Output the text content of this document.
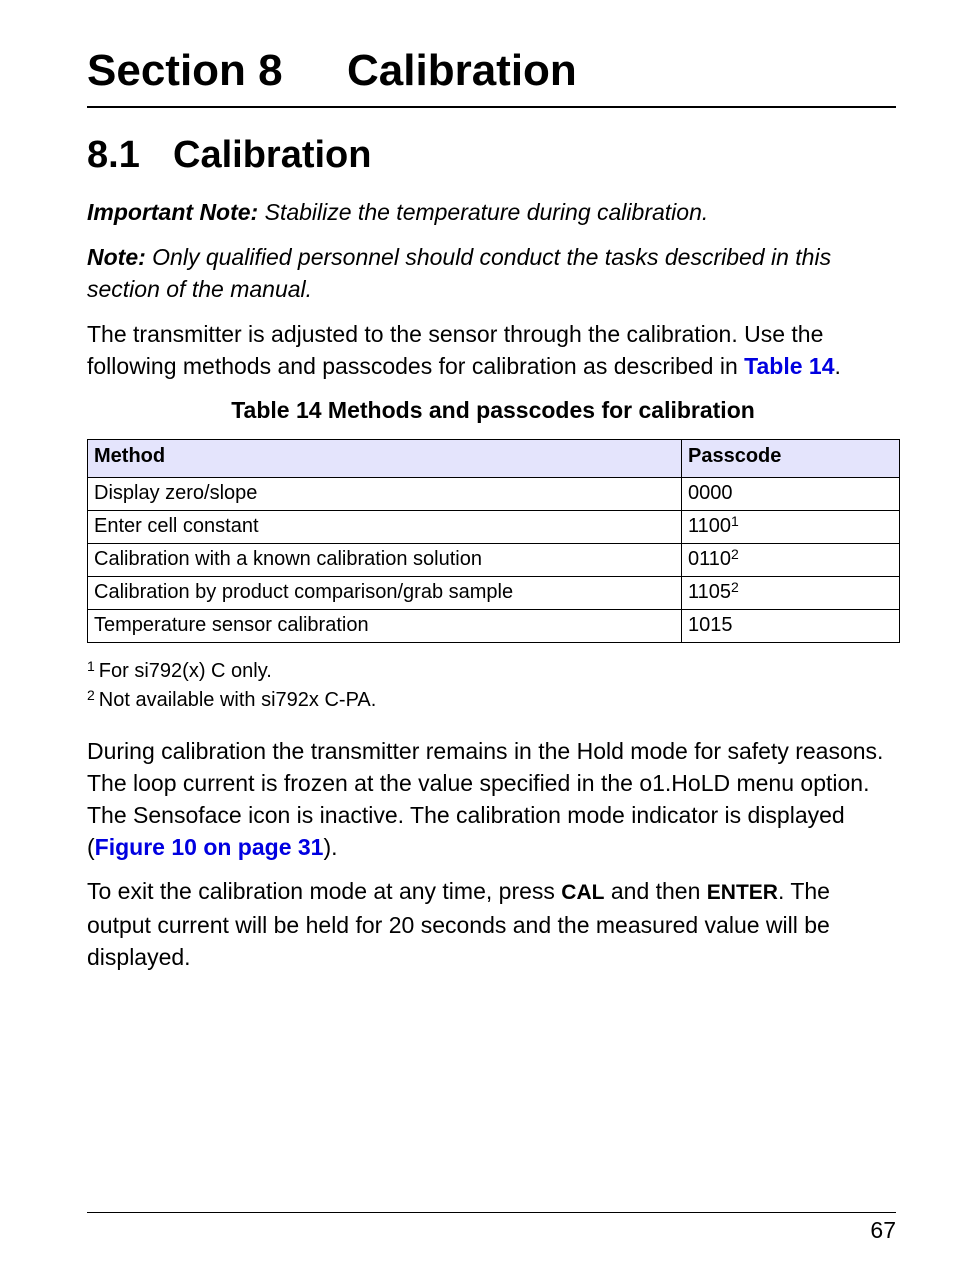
Section 8 Calibration
8.1 Calibration

Important Note: Stabilize the temperature during calibration.

Note: Only qualified personnel should conduct the tasks described in this section of the manual.

The transmitter is adjusted to the sensor through the calibration. Use the following methods and passcodes for calibration as described in Table 14.

Table 14 Methods and passcodes for calibration
Method	Passcode
Display zero/slope	0000
Enter cell constant	1100$^1$
Calibration with a known calibration solution	0110$^2$
Calibration by product comparison/grab sample	1105$^2$
Temperature sensor calibration	1015
$^1$ For si792(x) C only.
$^2$ Not available with si792x C-PA.

During calibration the transmitter remains in the Hold mode for safety reasons. The loop current is frozen at the value specified in the o1.HoLD menu option. The Sensoface icon is inactive. The calibration mode indicator is displayed (Figure 10 on page 31).

To exit the calibration mode at any time, press CAL and then ENTER. The output current will be held for 20 seconds and the measured value will be displayed.

67
